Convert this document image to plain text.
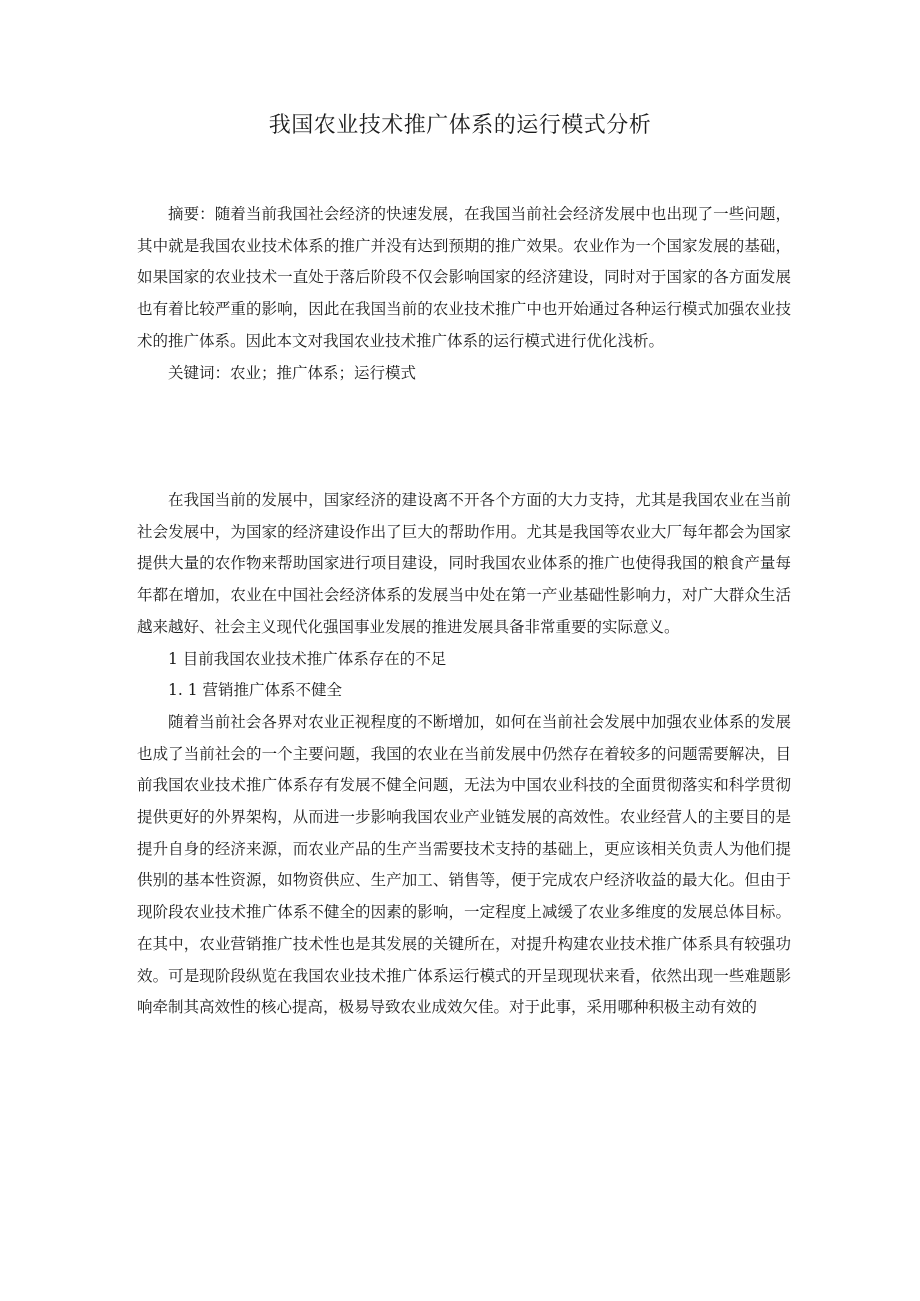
我国农业技术推广体系的运行模式分析

摘要：随着当前我国社会经济的快速发展，在我国当前社会经济发展中也出现了一些问题，其中就是我国农业技术体系的推广并没有达到预期的推广效果。农业作为一个国家发展的基础，如果国家的农业技术一直处于落后阶段不仅会影响国家的经济建设，同时对于国家的各方面发展也有着比较严重的影响，因此在我国当前的农业技术推广中也开始通过各种运行模式加强农业技术的推广体系。因此本文对我国农业技术推广体系的运行模式进行优化浅析。

关键词：农业；推广体系；运行模式

在我国当前的发展中，国家经济的建设离不开各个方面的大力支持，尤其是我国农业在当前社会发展中，为国家的经济建设作出了巨大的帮助作用。尤其是我国等农业大厂每年都会为国家提供大量的农作物来帮助国家进行项目建设，同时我国农业体系的推广也使得我国的粮食产量每年都在增加，农业在中国社会经济体系的发展当中处在第一产业基础性影响力，对广大群众生活越来越好、社会主义现代化强国事业发展的推进发展具备非常重要的实际意义。

1 目前我国农业技术推广体系存在的不足

1. 1 营销推广体系不健全

随着当前社会各界对农业正视程度的不断增加，如何在当前社会发展中加强农业体系的发展也成了当前社会的一个主要问题，我国的农业在当前发展中仍然存在着较多的问题需要解决，目前我国农业技术推广体系存有发展不健全问题，无法为中国农业科技的全面贯彻落实和科学贯彻提供更好的外界架构，从而进一步影响我国农业产业链发展的高效性。农业经营人的主要目的是提升自身的经济来源，而农业产品的生产当需要技术支持的基础上，更应该相关负责人为他们提供别的基本性资源，如物资供应、生产加工、销售等，便于完成农户经济收益的最大化。但由于现阶段农业技术推广体系不健全的因素的影响，一定程度上减缓了农业多维度的发展总体目标。在其中，农业营销推广技术性也是其发展的关键所在，对提升构建农业技术推广体系具有较强功效。可是现阶段纵览在我国农业技术推广体系运行模式的开呈现现状来看，依然出现一些难题影响牵制其高效性的核心提高，极易导致农业成效欠佳。对于此事，采用哪种积极主动有效的
